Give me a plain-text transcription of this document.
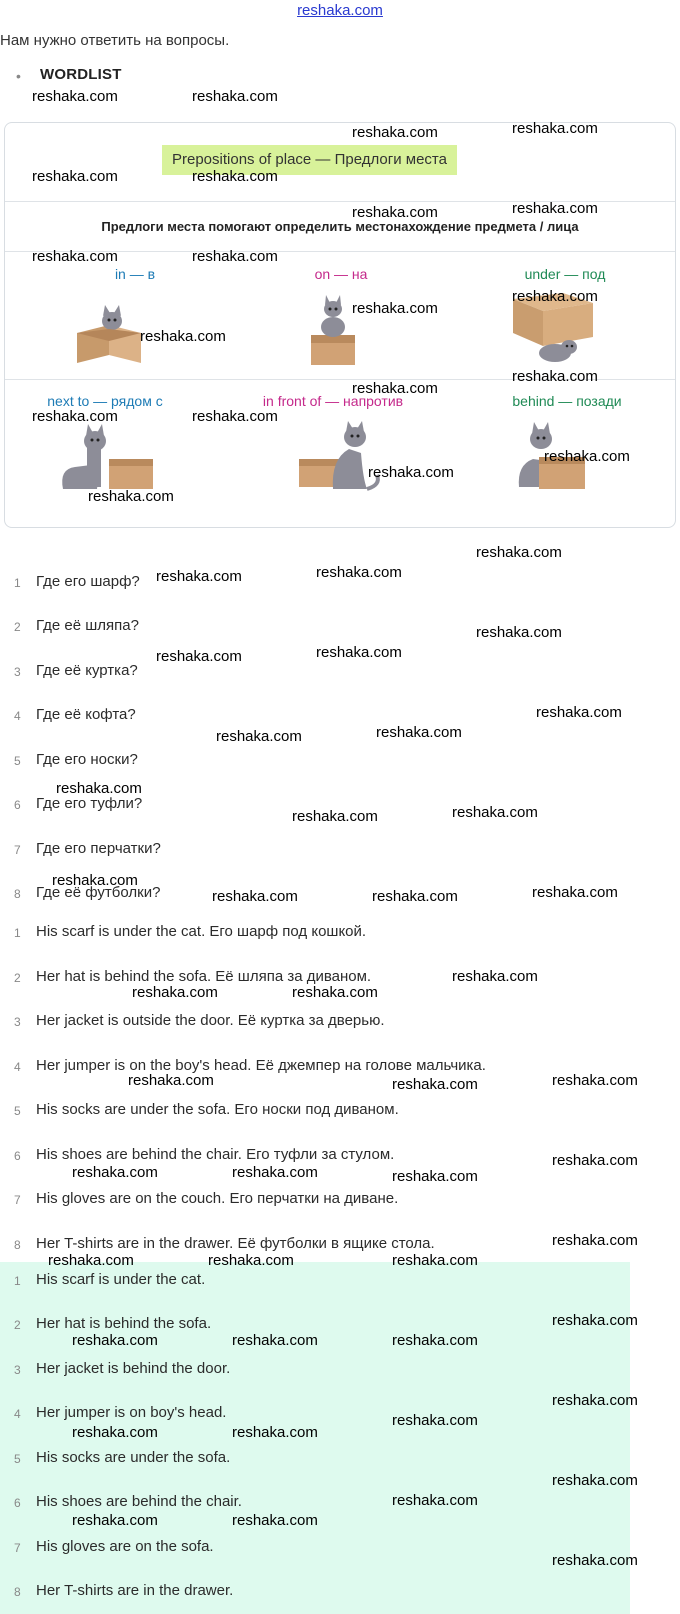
reshaka.com
Нам нужно ответить на вопросы.
• WORDLIST
Prepositions of place — Предлоги места
Предлоги места помогают определить местонахождение предмета / лица
in — в	on — на	under — под
next to — рядом с	in front of — напротив	behind — позади
1 Где его шарф?
2 Где её шляпа?
3 Где её куртка?
4 Где её кофта?
5 Где его носки?
6 Где его туфли?
7 Где его перчатки?
8 Где её футболки?
1 His scarf is under the cat. Его шарф под кошкой.
2 Her hat is behind the sofa. Её шляпа за диваном.
3 Her jacket is outside the door. Её куртка за дверью.
4 Her jumper is on the boy's head. Её джемпер на голове мальчика.
5 His socks are under the sofa. Его носки под диваном.
6 His shoes are behind the chair. Его туфли за стулом.
7 His gloves are on the couch. Его перчатки на диване.
8 Her T-shirts are in the drawer. Её футболки в ящике стола.
1 His scarf is under the cat.
2 Her hat is behind the sofa.
3 Her jacket is behind the door.
4 Her jumper is on boy's head.
5 His socks are under the sofa.
6 His shoes are behind the chair.
7 His gloves are on the sofa.
8 Her T-shirts are in the drawer.
reshaka.com	reshaka.com
reshaka.com	reshaka.com
reshaka.com	reshaka.com
reshaka.com	reshaka.com
reshaka.com	reshaka.com
reshaka.com
reshaka.com
reshaka.com
reshaka.com
reshaka.com
reshaka.com	reshaka.com
reshaka.com
reshaka.com
reshaka.com
reshaka.com
reshaka.com	reshaka.com
reshaka.com
reshaka.com	reshaka.com
reshaka.com
reshaka.com	reshaka.com
reshaka.com
reshaka.com	reshaka.com
reshaka.com
reshaka.com	reshaka.com	reshaka.com
reshaka.com
reshaka.com	reshaka.com
reshaka.com	reshaka.com	reshaka.com
reshaka.com	reshaka.com	reshaka.com
reshaka.com
reshaka.com	reshaka.com	reshaka.com
reshaka.com
reshaka.com
reshaka.com	reshaka.com	reshaka.com
reshaka.com
reshaka.com	reshaka.com
reshaka.com
reshaka.com
reshaka.com	reshaka.com
reshaka.com
reshaka.com
